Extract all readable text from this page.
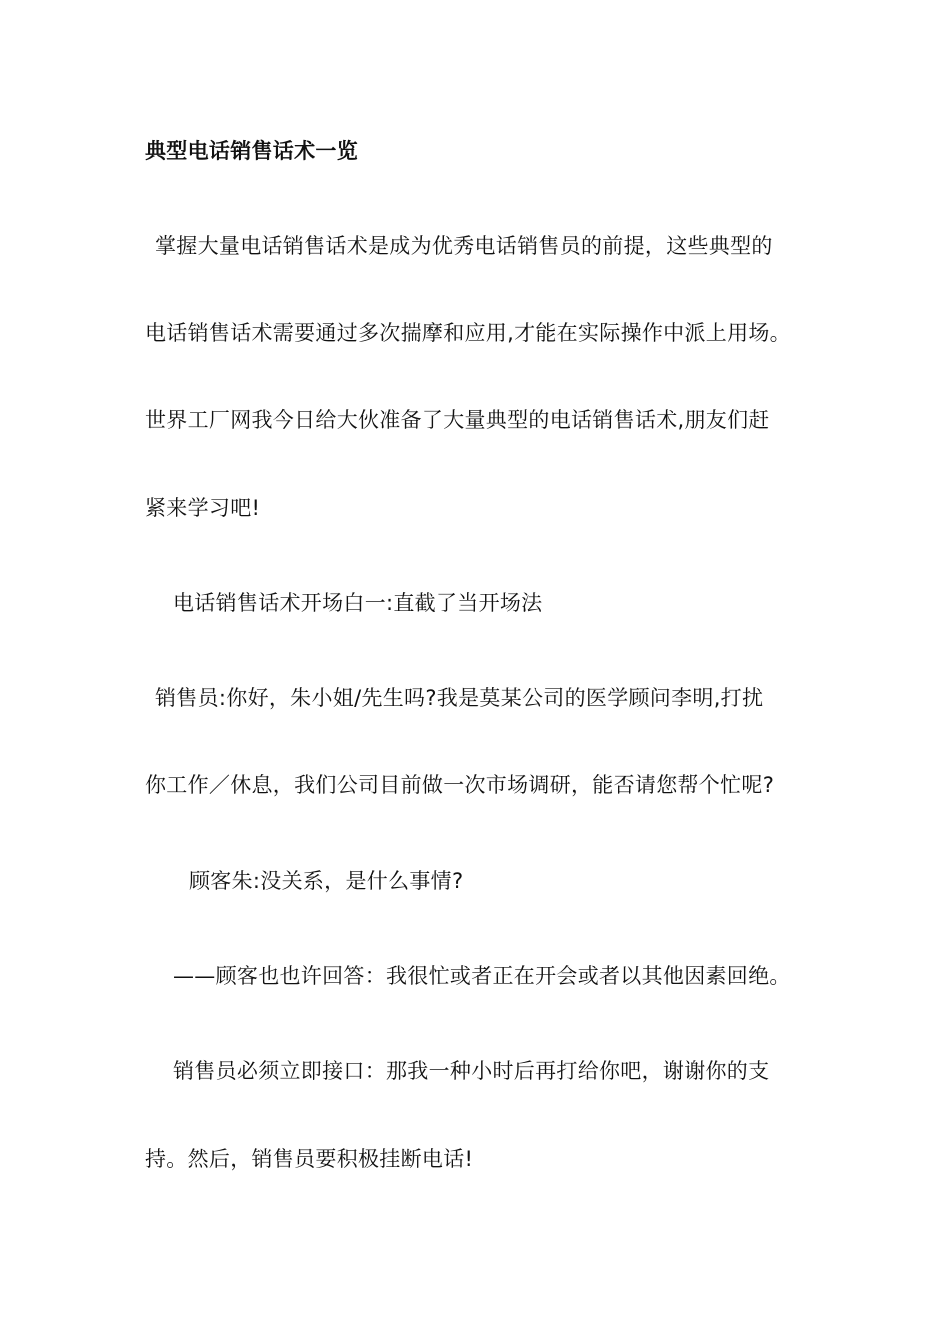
典型电话销售话术一览
掌握大量电话销售话术是成为优秀电话销售员的前提，这些典型的
电话销售话术需要通过多次揣摩和应用,才能在实际操作中派上用场。
世界工厂网我今日给大伙准备了大量典型的电话销售话术,朋友们赶
紧来学习吧!
电话销售话术开场白一:直截了当开场法
销售员:你好，朱小姐/先生吗?我是莫某公司的医学顾问李明,打扰
你工作／休息，我们公司目前做一次市场调研，能否请您帮个忙呢?
顾客朱:没关系，是什么事情?
——顾客也也许回答：我很忙或者正在开会或者以其他因素回绝。
销售员必须立即接口：那我一种小时后再打给你吧，谢谢你的支
持。然后，销售员要积极挂断电话!
